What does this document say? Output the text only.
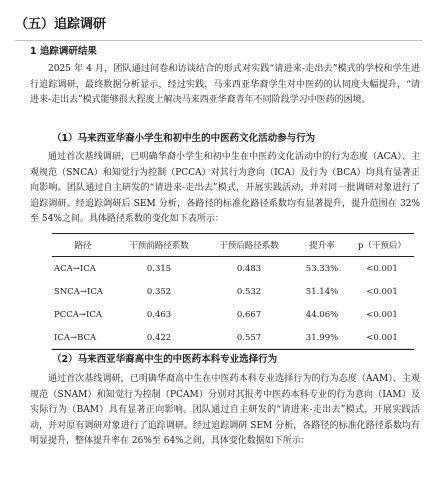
（五）追踪调研
1 追踪调研结果

2025 年 4 月，团队通过问卷和访谈结合的形式对实践“请进来-走出去”模式的学校和学生进行追踪调研，最终数据分析显示，经过实践，马来西亚华裔学生对中医药的认同度大幅提升，“请进来-走出去”模式能够很大程度上解决马来西亚华裔青年不同阶段学习中医药的困境。

（1）马来西亚华裔小学生和初中生的中医药文化活动参与行为

通过首次基线调研，已明确华裔小学生和初中生在中医药文化活动中的行为态度（ACA）、主观规范（SNCA）和知觉行为控制（PCCA）对其行为意向（ICA）及行为（BCA）均具有显著正向影响。团队通过自主研发的“请进来-走出去”模式，开展实践活动，并对同一批调研对象进行了追踪调研。经追踪调研后 SEM 分析，各路径的标准化路径系数均有显著提升，提升范围在 32%至 54%之间。具体路径系数的变化如下表所示：

路径	干预前路径系数	干预后路径系数	提升率	p（干预后）
ACA→ICA	0.315	0.483	53.33%	<0.001
SNCA→ICA	0.352	0.532	51.14%	<0.001
PCCA→ICA	0.463	0.667	44.06%	<0.001
ICA→BCA	0.422	0.557	31.99%	<0.001
（2）马来西亚华裔高中生的中医药本科专业选择行为

通过首次基线调研，已明确华裔高中生在中医药本科专业选择行为的行为态度（AAM）、主观规范（SNAM）和知觉行为控制（PCAM）分别对其报考中医药本科专业的行为意向（IAM）及实际行为（BAM）具有显著正向影响。团队通过自主研发的“请进来-走出去”模式，开展实践活动，并对原有调研对象进行了追踪调研。经过追踪调研 SEM 分析，各路径的标准化路径系数均有明显提升，整体提升率在 26%至 64%之间，具体变化数据如下所示：
